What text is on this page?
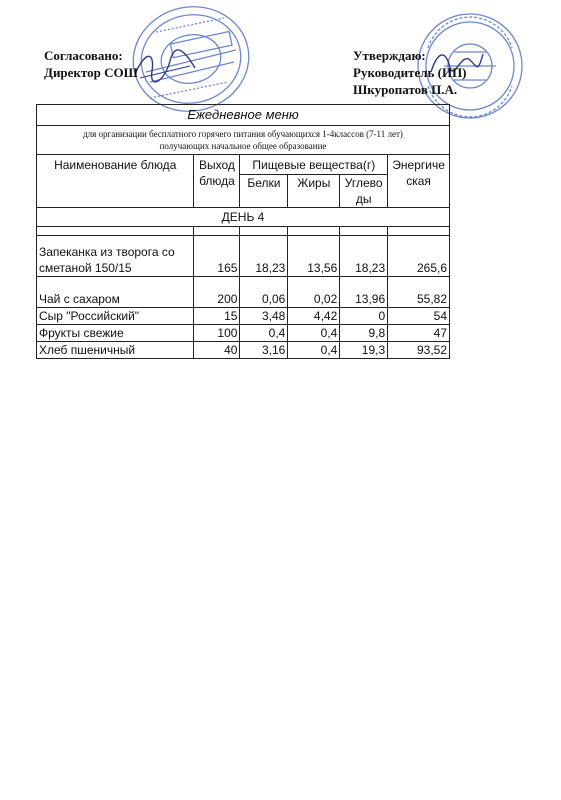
Согласовано:
Директор СОШ
Утверждаю:
Руководитель (ИП)
Шкуропатов П.А.
Ежедневное меню					

для организации бесплатного горячего питания обучающихся 1-4классов (7-11 лет)
получающих начальное общее образование					

Наименование блюда	Выход блюда	Пищевые вещества(г)			Энергическая
		Белки	Жиры	Углеводы	
ДЕНЬ 4					

Запеканка из творога со сметаной 150/15	165	18,23	13,56	18,23	265,6
Чай с сахаром	200	0,06	0,02	13,96	55,82
Сыр "Российский"	15	3,48	4,42	0	54
Фрукты свежие	100	0,4	0,4	9,8	47
Хлеб пшеничный	40	3,16	0,4	19,3	93,52
